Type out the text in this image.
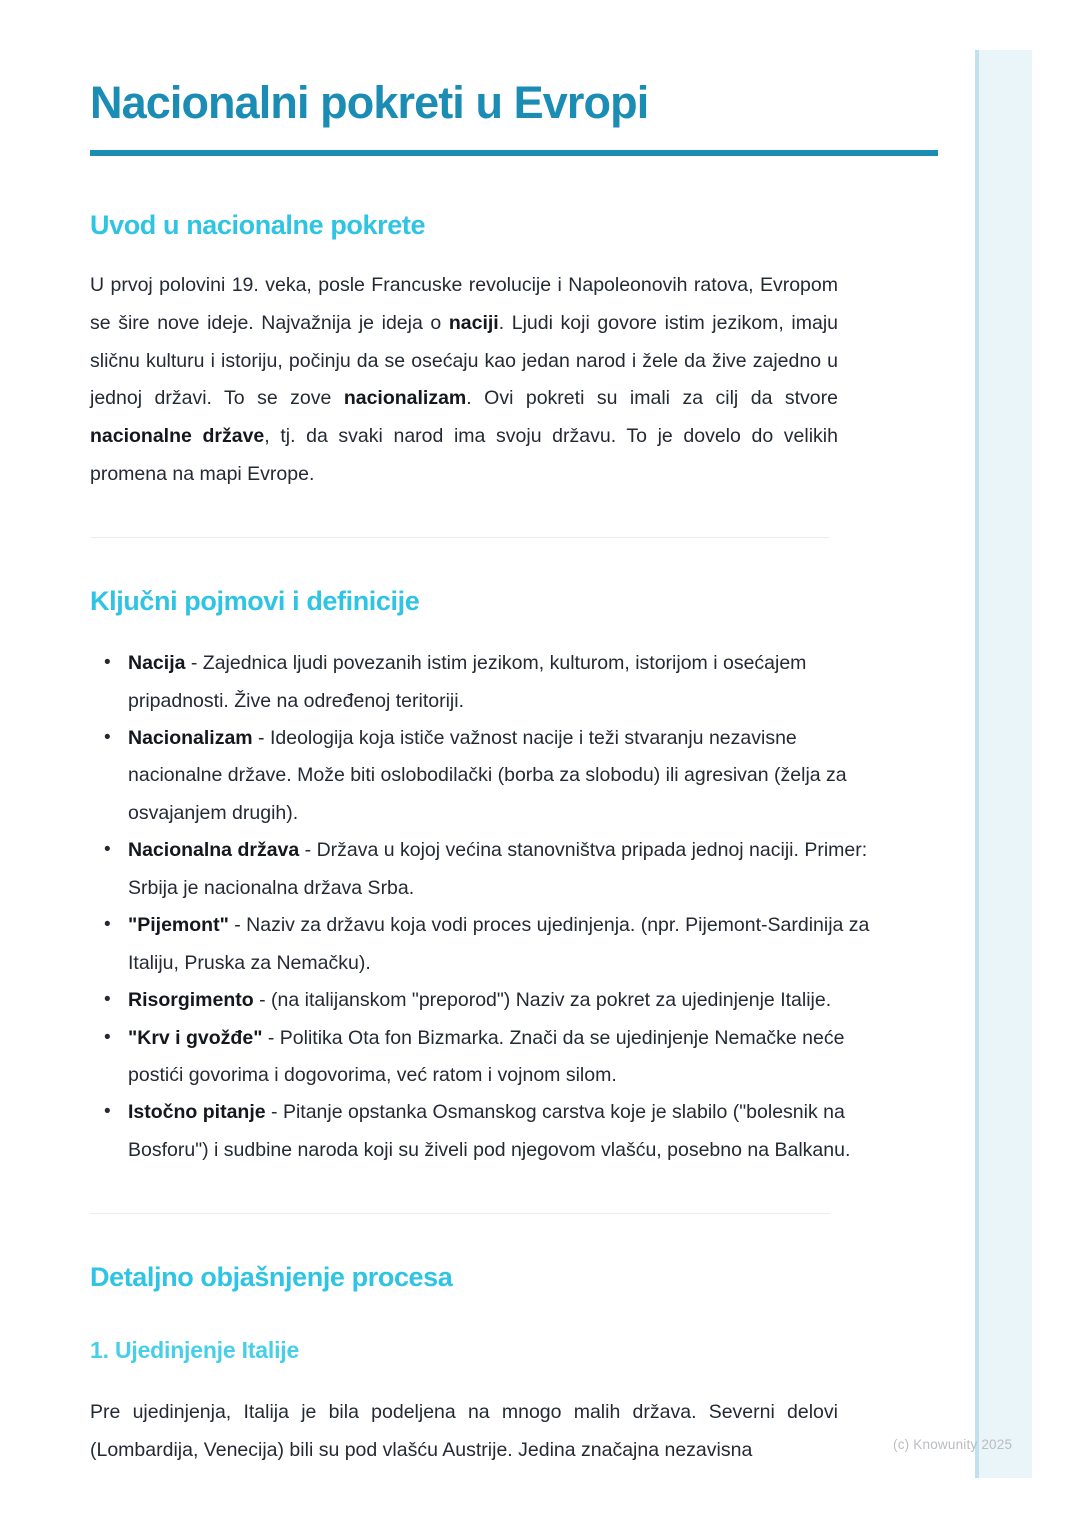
Nacionalni pokreti u Evropi
Uvod u nacionalne pokrete

U prvoj polovini 19. veka, posle Francuske revolucije i Napoleonovih ratova, Evropom se šire nove ideje. Najvažnija je ideja o naciji. Ljudi koji govore istim jezikom, imaju sličnu kulturu i istoriju, počinju da se osećaju kao jedan narod i žele da žive zajedno u jednoj državi. To se zove nacionalizam. Ovi pokreti su imali za cilj da stvore nacionalne države, tj. da svaki narod ima svoju državu. To je dovelo do velikih promena na mapi Evrope.

Ključni pojmovi i definicije
• Nacija - Zajednica ljudi povezanih istim jezikom, kulturom, istorijom i osećajem pripadnosti. Žive na određenoj teritoriji.
• Nacionalizam - Ideologija koja ističe važnost nacije i teži stvaranju nezavisne nacionalne države. Može biti oslobodilački (borba za slobodu) ili agresivan (želja za osvajanjem drugih).
• Nacionalna država - Država u kojoj većina stanovništva pripada jednoj naciji. Primer: Srbija je nacionalna država Srba.
• "Pijemont" - Naziv za državu koja vodi proces ujedinjenja. (npr. Pijemont-Sardinija za Italiju, Pruska za Nemačku).
• Risorgimento - (na italijanskom "preporod") Naziv za pokret za ujedinjenje Italije.
• "Krv i gvožđe" - Politika Ota fon Bizmarka. Znači da se ujedinjenje Nemačke neće postići govorima i dogovorima, već ratom i vojnom silom.
• Istočno pitanje - Pitanje opstanka Osmanskog carstva koje je slabilo ("bolesnik na Bosforu") i sudbine naroda koji su živeli pod njegovom vlašću, posebno na Balkanu.
Detaljno objašnjenje procesa
1. Ujedinjenje Italije

Pre ujedinjenja, Italija je bila podeljena na mnogo malih država. Severni delovi (Lombardija, Venecija) bili su pod vlašću Austrije. Jedina značajna nezavisna	(c) Knowunity 2025
